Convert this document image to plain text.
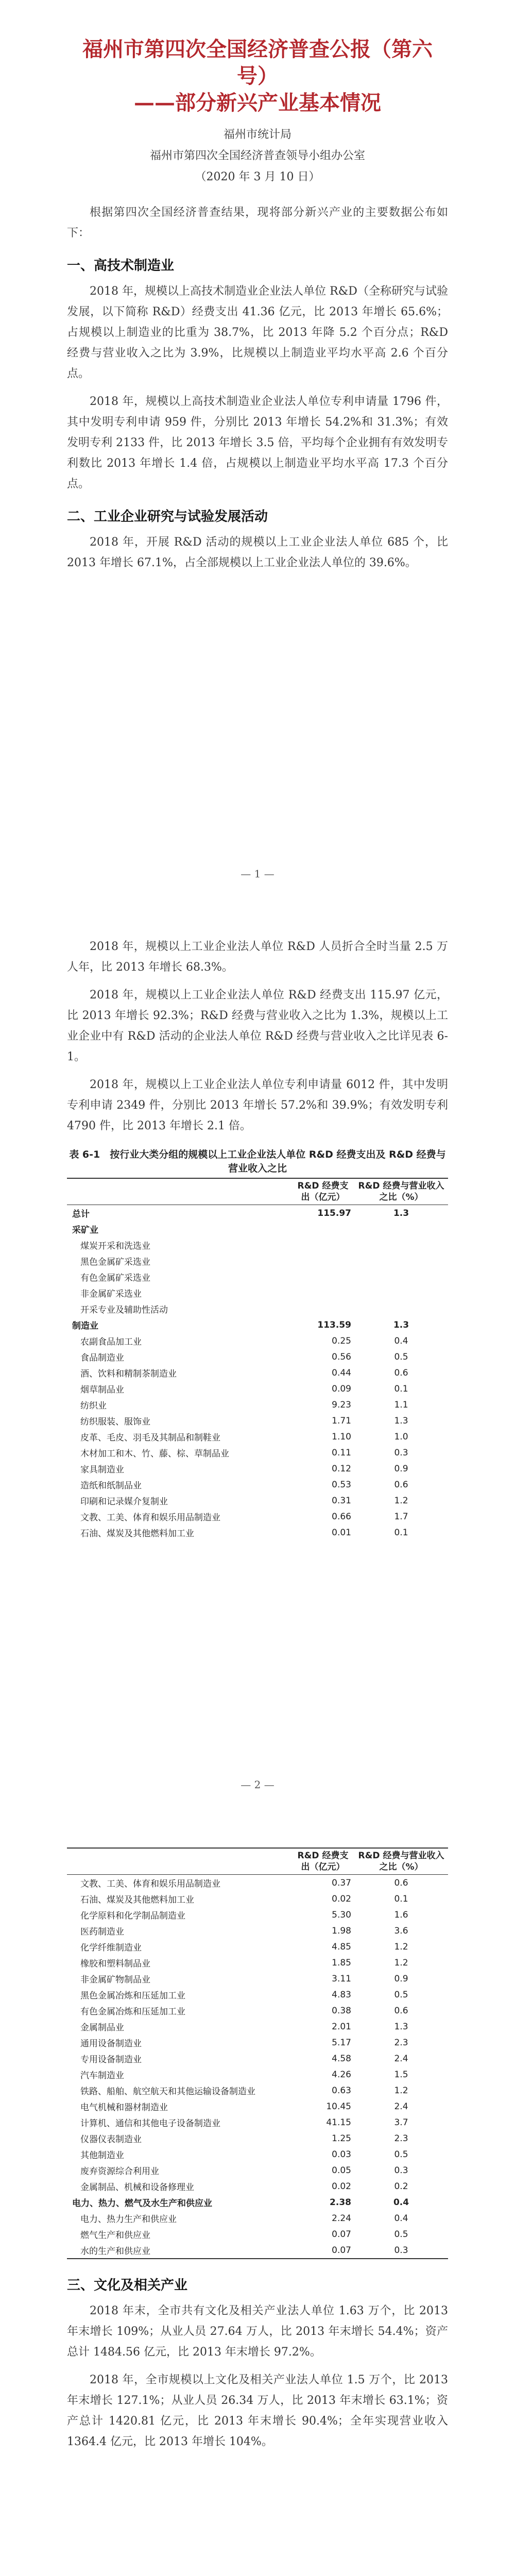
福州市第四次全国经济普查公报（第六号）
——部分新兴产业基本情况
福州市统计局
福州市第四次全国经济普查领导小组办公室
（2020 年 3 月 10 日）

根据第四次全国经济普查结果，现将部分新兴产业的主要数据公布如下：

一、高技术制造业

2018 年，规模以上高技术制造业企业法人单位 R&D（全称研究与试验发展，以下简称 R&D）经费支出 41.36 亿元，比 2013 年增长 65.6%；占规模以上制造业的比重为 38.7%，比 2013 年降 5.2 个百分点；R&D 经费与营业收入之比为 3.9%，比规模以上制造业平均水平高 2.6 个百分点。

2018 年，规模以上高技术制造业企业法人单位专利申请量 1796 件，其中发明专利申请 959 件，分别比 2013 年增长 54.2%和 31.3%；有效发明专利 2133 件，比 2013 年增长 3.5 倍，平均每个企业拥有有效发明专利数比 2013 年增长 1.4 倍，占规模以上制造业平均水平高 17.3 个百分点。

二、工业企业研究与试验发展活动

2018 年，开展 R&D 活动的规模以上工业企业法人单位 685 个，比 2013 年增长 67.1%，占全部规模以上工业企业法人单位的 39.6%。

— 1 —

2018 年，规模以上工业企业法人单位 R&D 人员折合全时当量 2.5 万人年，比 2013 年增长 68.3%。

2018 年，规模以上工业企业法人单位 R&D 经费支出 115.97 亿元，比 2013 年增长 92.3%；R&D 经费与营业收入之比为 1.3%，规模以上工业企业中有 R&D 活动的企业法人单位 R&D 经费与营业收入之比详见表 6-1。

2018 年，规模以上工业企业法人单位专利申请量 6012 件，其中发明专利申请 2349 件，分别比 2013 年增长 57.2%和 39.9%；有效发明专利 4790 件，比 2013 年增长 2.1 倍。

表 6-1　按行业大类分组的规模以上工业企业法人单位 R&D 经费支出及 R&D 经费与营业收入之比
	R&D 经费支出（亿元）	R&D 经费与营业收入之比（%）
总计	115.97	1.3
采矿业		
煤炭开采和洗选业		
黑色金属矿采选业		
有色金属矿采选业		
非金属矿采选业		
开采专业及辅助性活动		
制造业	113.59	1.3
农副食品加工业	0.25	0.4
食品制造业	0.56	0.5
酒、饮料和精制茶制造业	0.44	0.6
烟草制品业	0.09	0.1
纺织业	9.23	1.1
纺织服装、服饰业	1.71	1.3
皮革、毛皮、羽毛及其制品和制鞋业	1.10	1.0
木材加工和木、竹、藤、棕、草制品业	0.11	0.3
家具制造业	0.12	0.9
造纸和纸制品业	0.53	0.6
印刷和记录媒介复制业	0.31	1.2
文教、工美、体育和娱乐用品制造业	0.66	1.7
石油、煤炭及其他燃料加工业	0.01	0.1
— 2 —
	R&D 经费支出（亿元）	R&D 经费与营业收入之比（%）
文教、工美、体育和娱乐用品制造业	0.37	0.6
石油、煤炭及其他燃料加工业	0.02	0.1
化学原料和化学制品制造业	5.30	1.6
医药制造业	1.98	3.6
化学纤维制造业	4.85	1.2
橡胶和塑料制品业	1.85	1.2
非金属矿物制品业	3.11	0.9
黑色金属冶炼和压延加工业	4.83	0.5
有色金属冶炼和压延加工业	0.38	0.6
金属制品业	2.01	1.3
通用设备制造业	5.17	2.3
专用设备制造业	4.58	2.4
汽车制造业	4.26	1.5
铁路、船舶、航空航天和其他运输设备制造业	0.63	1.2
电气机械和器材制造业	10.45	2.4
计算机、通信和其他电子设备制造业	41.15	3.7
仪器仪表制造业	1.25	2.3
其他制造业	0.03	0.5
废弃资源综合利用业	0.05	0.3
金属制品、机械和设备修理业	0.02	0.2
电力、热力、燃气及水生产和供应业	2.38	0.4
电力、热力生产和供应业	2.24	0.4
燃气生产和供应业	0.07	0.5
水的生产和供应业	0.07	0.3
三、文化及相关产业

2018 年末，全市共有文化及相关产业法人单位 1.63 万个，比 2013 年末增长 109%；从业人员 27.64 万人，比 2013 年末增长 54.4%；资产总计 1484.56 亿元，比 2013 年末增长 97.2%。

2018 年，全市规模以上文化及相关产业法人单位 1.5 万个，比 2013 年末增长 127.1%；从业人员 26.34 万人，比 2013 年末增长 63.1%；资产总计 1420.81 亿元，比 2013 年末增长 90.4%；全年实现营业收入 1364.4 亿元，比 2013 年增长 104%。
